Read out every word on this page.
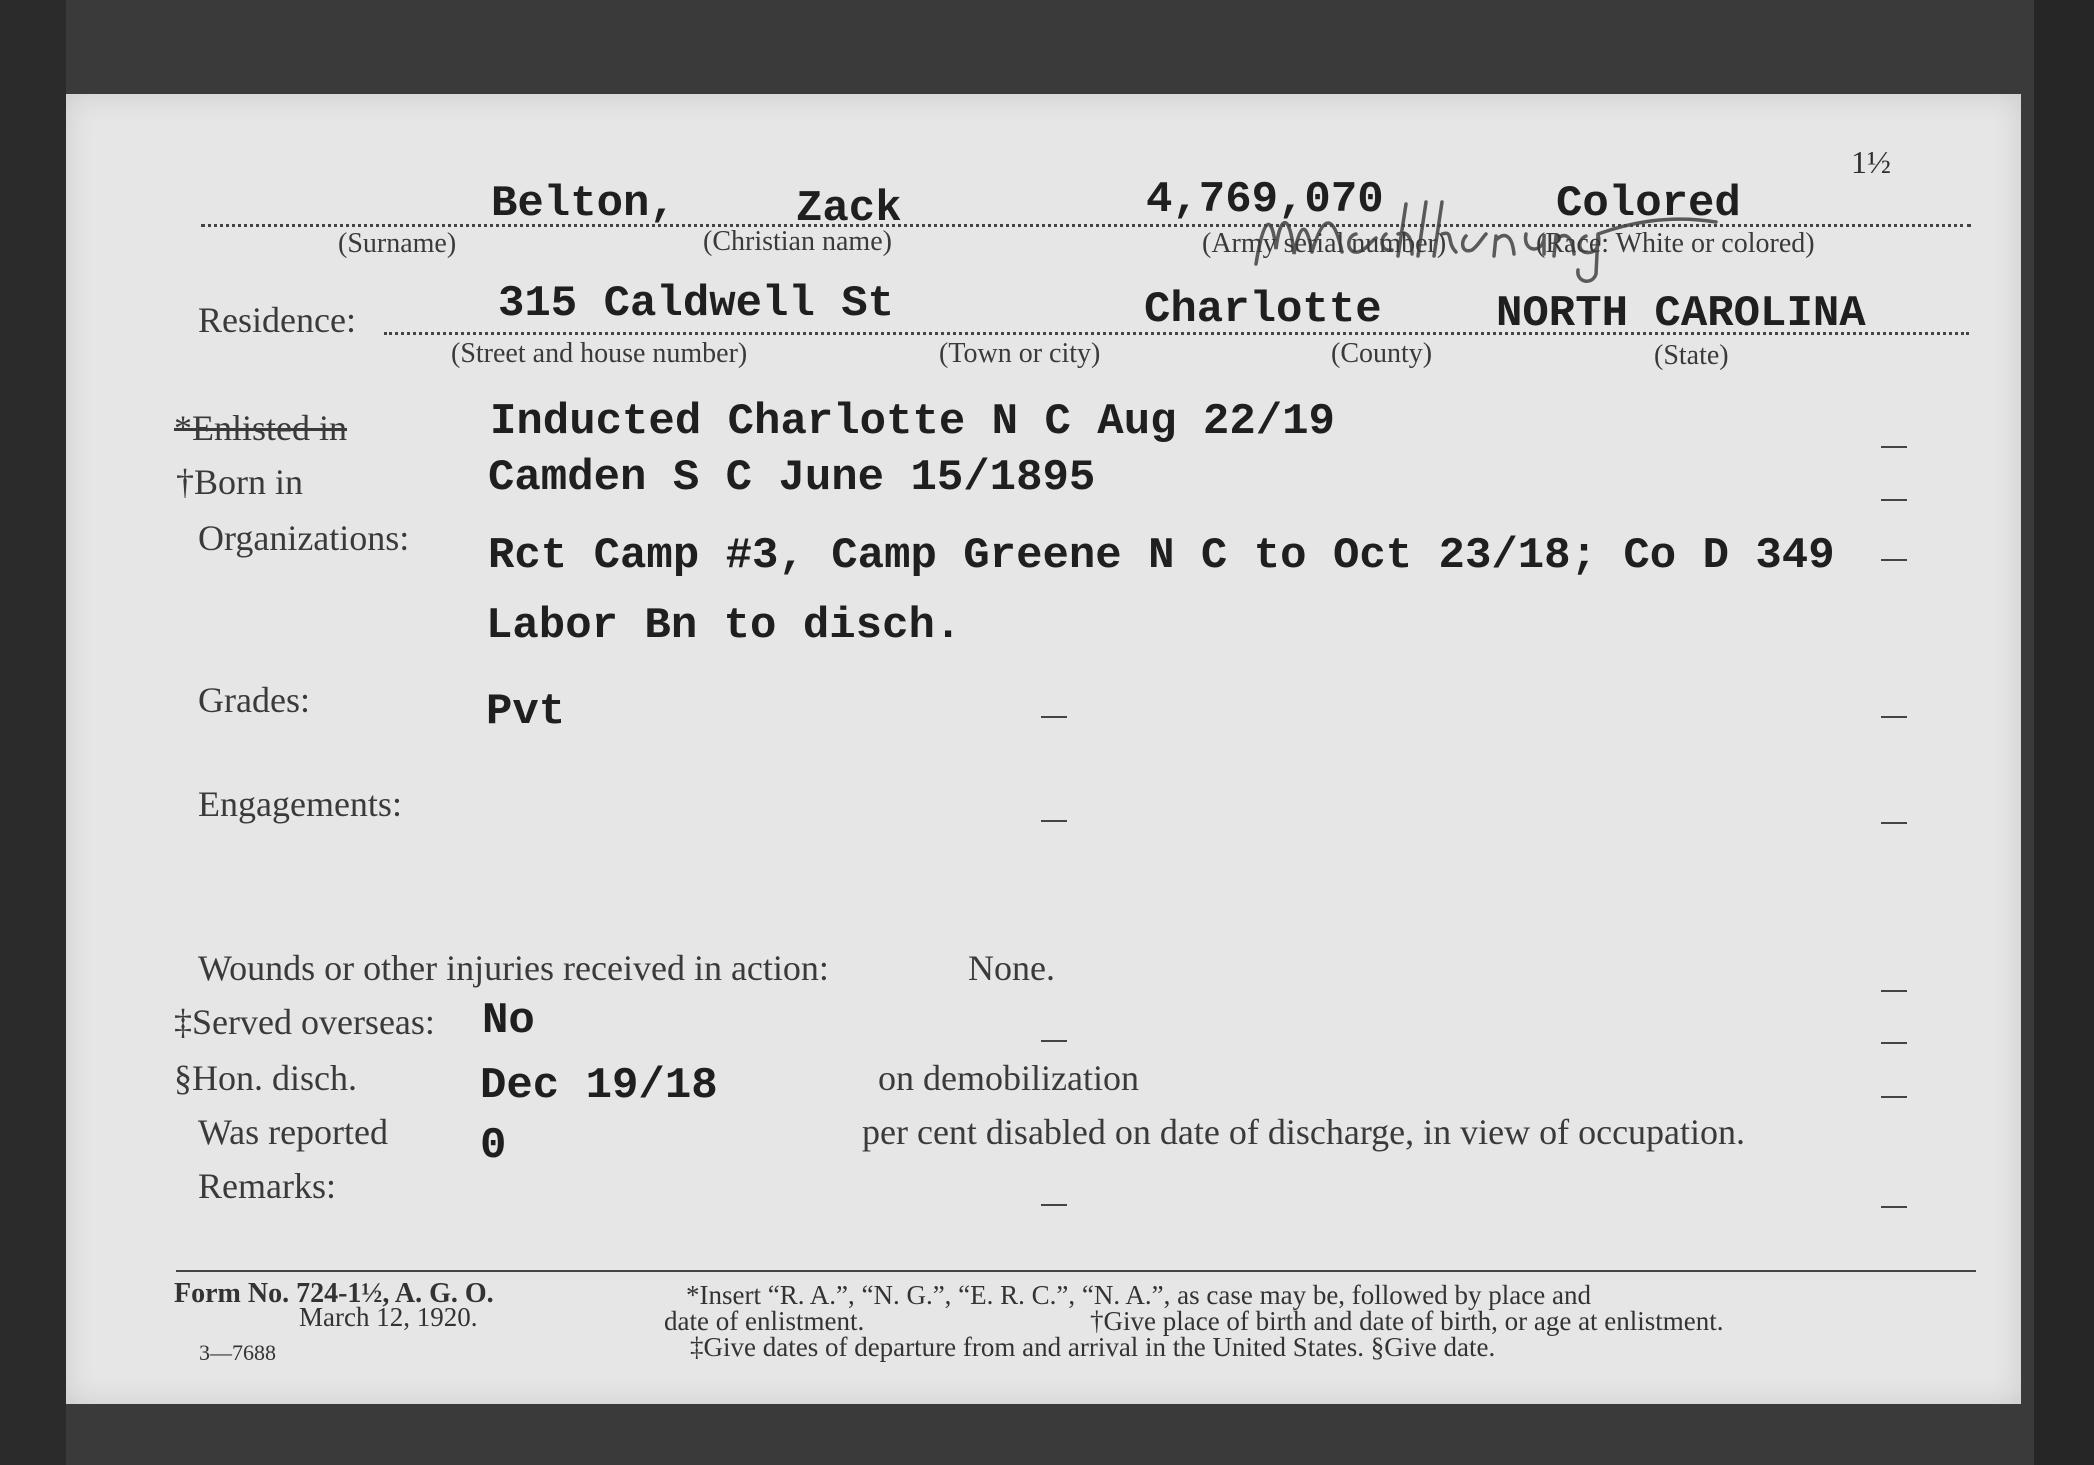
1½
Belton,	Zack	4,769,070	Colored
(Surname)	(Christian name)	(Army serial number)	(Race: White or colored)
Residence:	315 Caldwell St	Charlotte	NORTH CAROLINA
(Street and house number)	(Town or city)	(County)	(State)
*Enlisted in	Inducted Charlotte N C Aug 22/19
†Born in	Camden S C June 15/1895
Organizations: Rct Camp #3, Camp Greene N C to Oct 23/18; Co D 349
Labor Bn to disch.
Grades:	Pvt
Engagements:
Wounds or other injuries received in action:	None.
‡Served overseas: No
§Hon. disch.	Dec 19/18	on demobilization
Was reported 0	per cent disabled on date of discharge, in view of occupation.
Remarks:
Form No. 724-1½, A. G. O.
March 12, 1920.
3—7688
*Insert “R. A.”, “N. G.”, “E. R. C.”, “N. A.”, as case may be, followed by place and
date of enlistment.	†Give place of birth and date of birth, or age at enlistment.
‡Give dates of departure from and arrival in the United States. §Give date.
